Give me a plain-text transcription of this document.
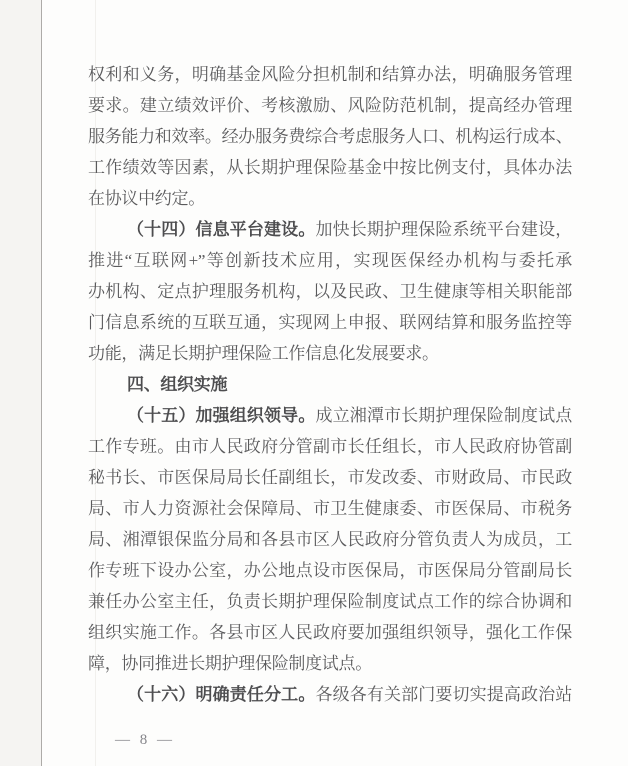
权利和义务，明确基金风险分担机制和结算办法，明确服务管理
要求。建立绩效评价、考核激励、风险防范机制，提高经办管理
服务能力和效率。经办服务费综合考虑服务人口、机构运行成本、
工作绩效等因素，从长期护理保险基金中按比例支付，具体办法
在协议中约定。
（十四）信息平台建设。加快长期护理保险系统平台建设，
推进“互联网+”等创新技术应用，实现医保经办机构与委托承
办机构、定点护理服务机构，以及民政、卫生健康等相关职能部
门信息系统的互联互通，实现网上申报、联网结算和服务监控等
功能，满足长期护理保险工作信息化发展要求。
四、组织实施
（十五）加强组织领导。成立湘潭市长期护理保险制度试点
工作专班。由市人民政府分管副市长任组长，市人民政府协管副
秘书长、市医保局局长任副组长，市发改委、市财政局、市民政
局、市人力资源社会保障局、市卫生健康委、市医保局、市税务
局、湘潭银保监分局和各县市区人民政府分管负责人为成员，工
作专班下设办公室，办公地点设市医保局，市医保局分管副局长
兼任办公室主任，负责长期护理保险制度试点工作的综合协调和
组织实施工作。各县市区人民政府要加强组织领导，强化工作保
障，协同推进长期护理保险制度试点。
（十六）明确责任分工。各级各有关部门要切实提高政治站
— 8 —
